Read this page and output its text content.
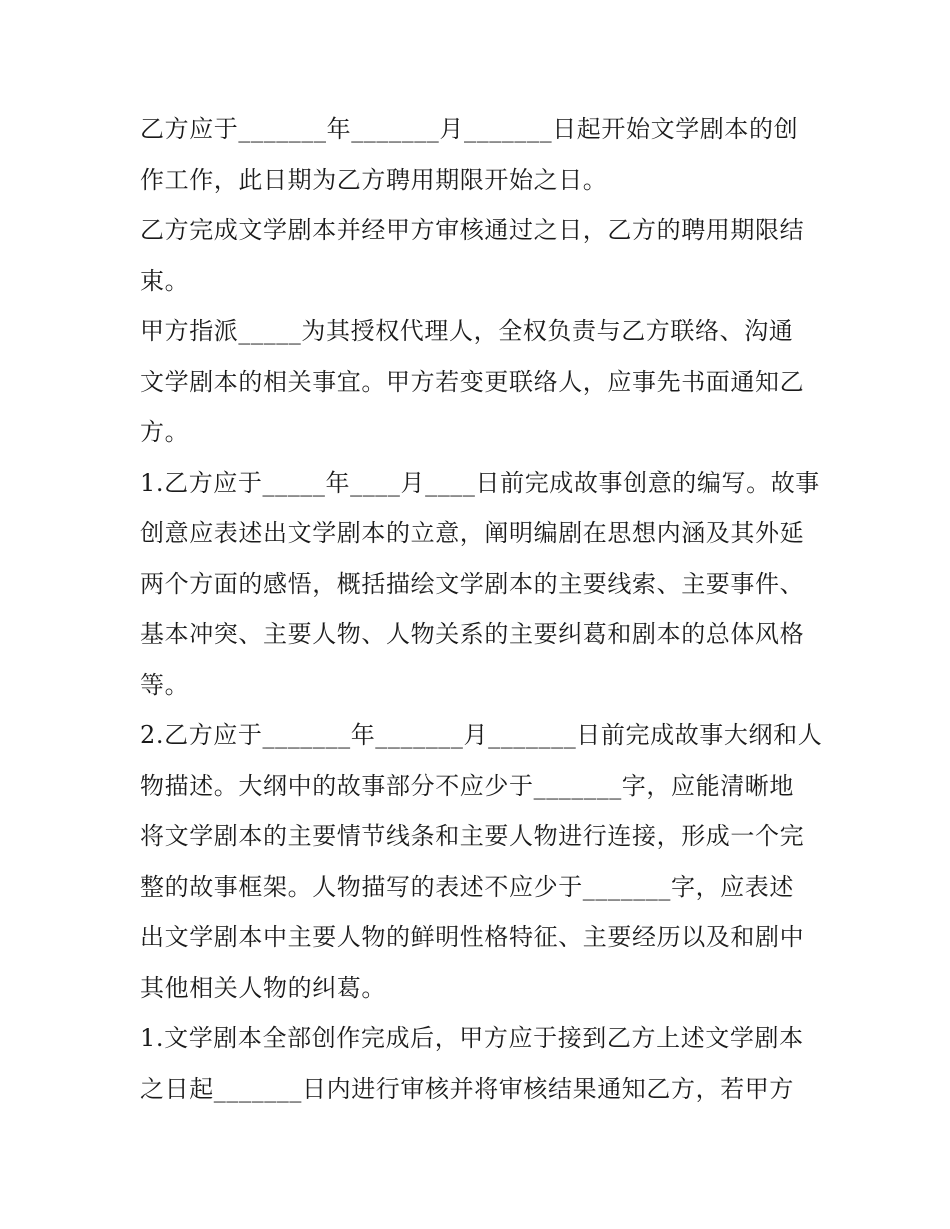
乙方应于_______年_______月_______日起开始文学剧本的创
作工作，此日期为乙方聘用期限开始之日。
乙方完成文学剧本并经甲方审核通过之日，乙方的聘用期限结
束。
甲方指派_____为其授权代理人，全权负责与乙方联络、沟通
文学剧本的相关事宜。甲方若变更联络人，应事先书面通知乙
方。
1.乙方应于_____年____月____日前完成故事创意的编写。故事
创意应表述出文学剧本的立意，阐明编剧在思想内涵及其外延
两个方面的感悟，概括描绘文学剧本的主要线索、主要事件、
基本冲突、主要人物、人物关系的主要纠葛和剧本的总体风格
等。
2.乙方应于_______年_______月_______日前完成故事大纲和人
物描述。大纲中的故事部分不应少于_______字，应能清晰地
将文学剧本的主要情节线条和主要人物进行连接，形成一个完
整的故事框架。人物描写的表述不应少于_______字，应表述
出文学剧本中主要人物的鲜明性格特征、主要经历以及和剧中
其他相关人物的纠葛。
1.文学剧本全部创作完成后，甲方应于接到乙方上述文学剧本
之日起_______日内进行审核并将审核结果通知乙方，若甲方
